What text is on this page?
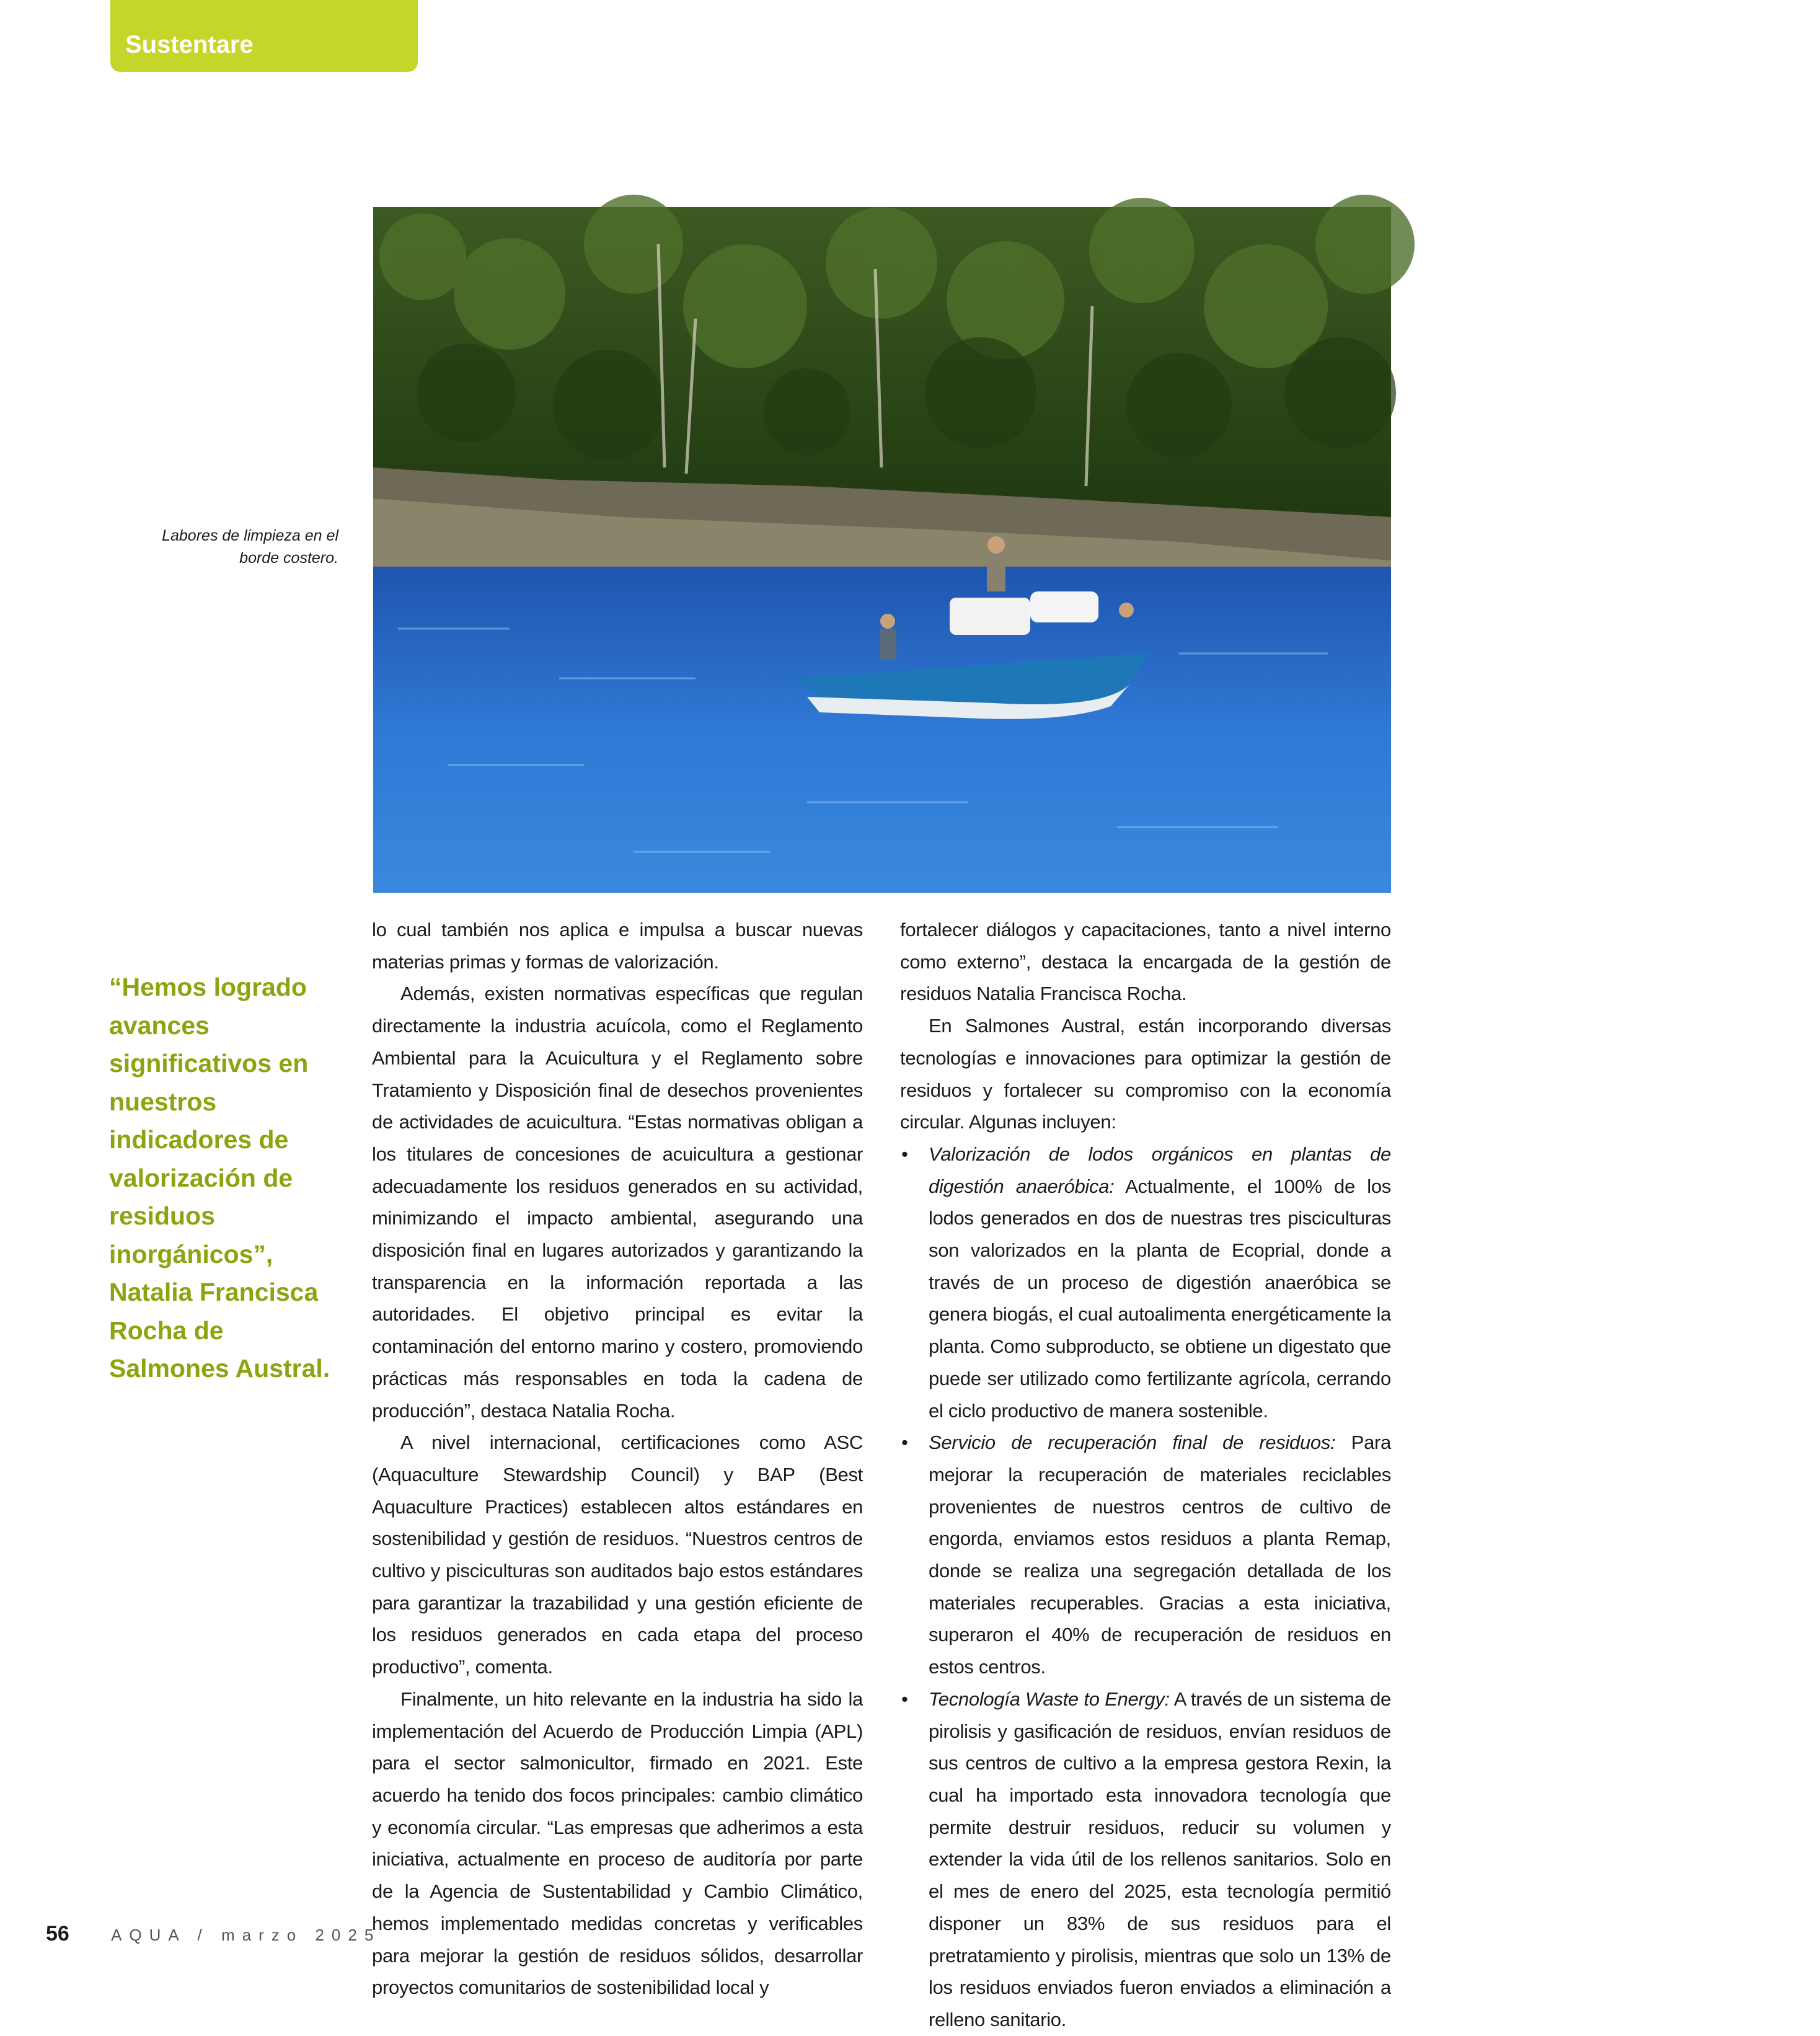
Sustentare
Fuente: SalmonChile.
Labores de limpieza en el borde costero.
“Hemos logrado avances significativos en nuestros indicadores de valorización de residuos inorgánicos”, Natalia Francisca Rocha de Salmones Austral.

lo cual también nos aplica e impulsa a buscar nuevas materias primas y formas de valorización.

Además, existen normativas específicas que regulan directamente la industria acuícola, como el Reglamento Ambiental para la Acuicultura y el Reglamento sobre Tratamiento y Disposición final de desechos provenientes de actividades de acuicultura. “Estas normativas obligan a los titulares de concesiones de acuicultura a gestionar adecuadamente los residuos generados en su actividad, minimizando el impacto ambiental, asegurando una disposición final en lugares autorizados y garantizando la transparencia en la información reportada a las autoridades. El objetivo principal es evitar la contaminación del entorno marino y costero, promoviendo prácticas más responsables en toda la cadena de producción”, destaca Natalia Rocha.

A nivel internacional, certificaciones como ASC (Aquaculture Stewardship Council) y BAP (Best Aquaculture Practices) establecen altos estándares en sostenibilidad y gestión de residuos. “Nuestros centros de cultivo y pisciculturas son auditados bajo estos estándares para garantizar la trazabilidad y una gestión eficiente de los residuos generados en cada etapa del proceso productivo”, comenta.

Finalmente, un hito relevante en la industria ha sido la implementación del Acuerdo de Producción Limpia (APL) para el sector salmonicultor, firmado en 2021. Este acuerdo ha tenido dos focos principales: cambio climático y economía circular. “Las empresas que adherimos a esta iniciativa, actualmente en proceso de auditoría por parte de la Agencia de Sustentabilidad y Cambio Climático, hemos implementado medidas concretas y verificables para mejorar la gestión de residuos sólidos, desarrollar proyectos comunitarios de sostenibilidad local y

fortalecer diálogos y capacitaciones, tanto a nivel interno como externo”, destaca la encargada de la gestión de residuos Natalia Francisca Rocha.

En Salmones Austral, están incorporando diversas tecnologías e innovaciones para optimizar la gestión de residuos y fortalecer su compromiso con la economía circular. Algunas incluyen:

• Valorización de lodos orgánicos en plantas de digestión anaeróbica: Actualmente, el 100% de los lodos generados en dos de nuestras tres pisciculturas son valorizados en la planta de Ecoprial, donde a través de un proceso de digestión anaeróbica se genera biogás, el cual autoalimenta energéticamente la planta. Como subproducto, se obtiene un digestato que puede ser utilizado como fertilizante agrícola, cerrando el ciclo productivo de manera sostenible.
• Servicio de recuperación final de residuos: Para mejorar la recuperación de materiales reciclables provenientes de nuestros centros de cultivo de engorda, enviamos estos residuos a planta Remap, donde se realiza una segregación detallada de los materiales recuperables. Gracias a esta iniciativa, superaron el 40% de recuperación de residuos en estos centros.
• Tecnología Waste to Energy: A través de un sistema de pirolisis y gasificación de residuos, envían residuos de sus centros de cultivo a la empresa gestora Rexin, la cual ha importado esta innovadora tecnología que permite destruir residuos, reducir su volumen y extender la vida útil de los rellenos sanitarios. Solo en el mes de enero del 2025, esta tecnología permitió disponer un 83% de sus residuos para el pretratamiento y pirolisis, mientras que solo un 13% de los residuos enviados fueron enviados a eliminación a relleno sanitario.
56	AQUA / marzo 2025
